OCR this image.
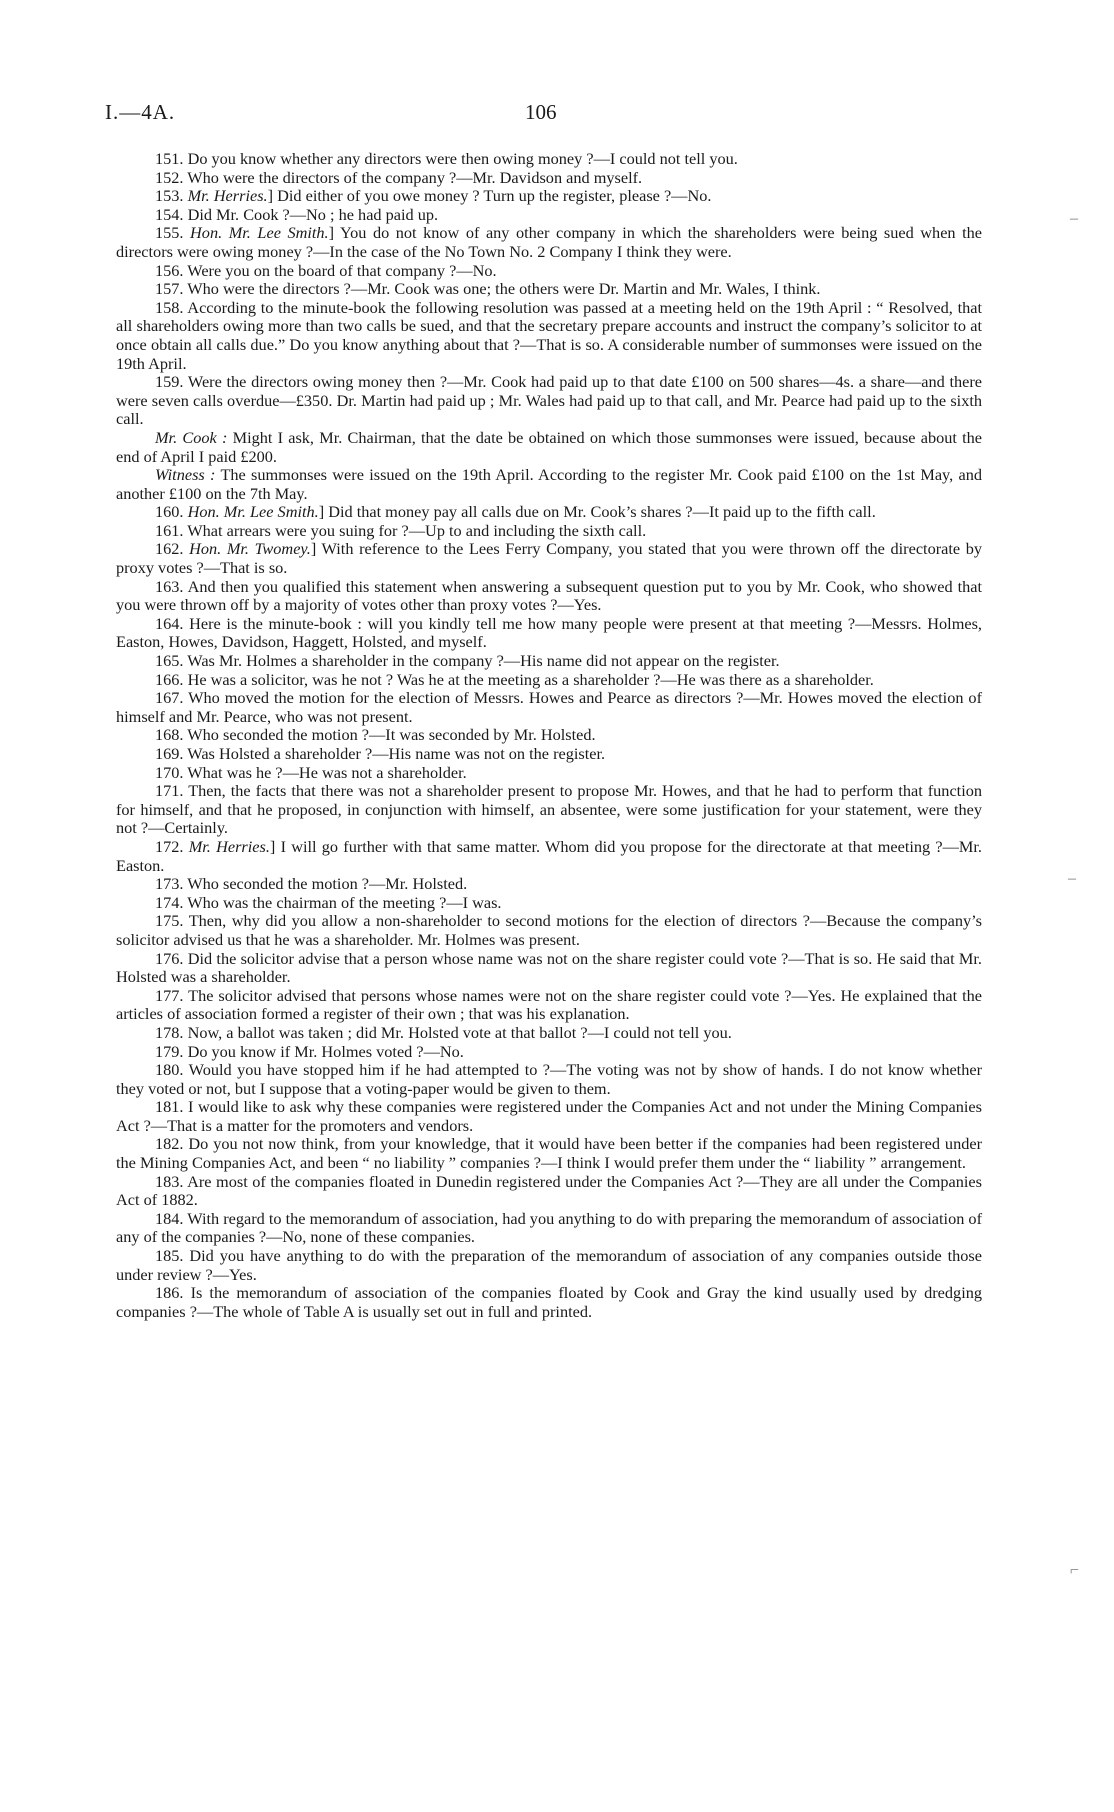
I.—4A.	106

151. Do you know whether any directors were then owing money ?—I could not tell you.

152. Who were the directors of the company ?—Mr. Davidson and myself.

153. Mr. Herries.] Did either of you owe money ? Turn up the register, please ?—No.

154. Did Mr. Cook ?—No ; he had paid up.

155. Hon. Mr. Lee Smith.] You do not know of any other company in which the shareholders were being sued when the directors were owing money ?—In the case of the No Town No. 2 Company I think they were.

156. Were you on the board of that company ?—No.

157. Who were the directors ?—Mr. Cook was one; the others were Dr. Martin and Mr. Wales, I think.

158. According to the minute-book the following resolution was passed at a meeting held on the 19th April : “ Resolved, that all shareholders owing more than two calls be sued, and that the secretary prepare accounts and instruct the company’s solicitor to at once obtain all calls due.” Do you know anything about that ?—That is so. A considerable number of summonses were issued on the 19th April.

159. Were the directors owing money then ?—Mr. Cook had paid up to that date £100 on 500 shares—4s. a share—and there were seven calls overdue—£350. Dr. Martin had paid up ; Mr. Wales had paid up to that call, and Mr. Pearce had paid up to the sixth call.

Mr. Cook : Might I ask, Mr. Chairman, that the date be obtained on which those summonses were issued, because about the end of April I paid £200.

Witness : The summonses were issued on the 19th April. According to the register Mr. Cook paid £100 on the 1st May, and another £100 on the 7th May.

160. Hon. Mr. Lee Smith.] Did that money pay all calls due on Mr. Cook’s shares ?—It paid up to the fifth call.

161. What arrears were you suing for ?—Up to and including the sixth call.

162. Hon. Mr. Twomey.] With reference to the Lees Ferry Company, you stated that you were thrown off the directorate by proxy votes ?—That is so.

163. And then you qualified this statement when answering a subsequent question put to you by Mr. Cook, who showed that you were thrown off by a majority of votes other than proxy votes ?—Yes.

164. Here is the minute-book : will you kindly tell me how many people were present at that meeting ?—Messrs. Holmes, Easton, Howes, Davidson, Haggett, Holsted, and myself.

165. Was Mr. Holmes a shareholder in the company ?—His name did not appear on the register.

166. He was a solicitor, was he not ? Was he at the meeting as a shareholder ?—He was there as a shareholder.

167. Who moved the motion for the election of Messrs. Howes and Pearce as directors ?—Mr. Howes moved the election of himself and Mr. Pearce, who was not present.

168. Who seconded the motion ?—It was seconded by Mr. Holsted.

169. Was Holsted a shareholder ?—His name was not on the register.

170. What was he ?—He was not a shareholder.

171. Then, the facts that there was not a shareholder present to propose Mr. Howes, and that he had to perform that function for himself, and that he proposed, in conjunction with himself, an absentee, were some justification for your statement, were they not ?—Certainly.

172. Mr. Herries.] I will go further with that same matter. Whom did you propose for the directorate at that meeting ?—Mr. Easton.

173. Who seconded the motion ?—Mr. Holsted.

174. Who was the chairman of the meeting ?—I was.

175. Then, why did you allow a non-shareholder to second motions for the election of directors ?—Because the company’s solicitor advised us that he was a shareholder. Mr. Holmes was present.

176. Did the solicitor advise that a person whose name was not on the share register could vote ?—That is so. He said that Mr. Holsted was a shareholder.

177. The solicitor advised that persons whose names were not on the share register could vote ?—Yes. He explained that the articles of association formed a register of their own ; that was his explanation.

178. Now, a ballot was taken ; did Mr. Holsted vote at that ballot ?—I could not tell you.

179. Do you know if Mr. Holmes voted ?—No.

180. Would you have stopped him if he had attempted to ?—The voting was not by show of hands. I do not know whether they voted or not, but I suppose that a voting-paper would be given to them.

181. I would like to ask why these companies were registered under the Companies Act and not under the Mining Companies Act ?—That is a matter for the promoters and vendors.

182. Do you not now think, from your knowledge, that it would have been better if the companies had been registered under the Mining Companies Act, and been “ no liability ” companies ?—I think I would prefer them under the “ liability ” arrangement.

183. Are most of the companies floated in Dunedin registered under the Companies Act ?—They are all under the Companies Act of 1882.

184. With regard to the memorandum of association, had you anything to do with preparing the memorandum of association of any of the companies ?—No, none of these companies.

185. Did you have anything to do with the preparation of the memorandum of association of any companies outside those under review ?—Yes.

186. Is the memorandum of association of the companies floated by Cook and Gray the kind usually used by dredging companies ?—The whole of Table A is usually set out in full and printed.

–
–
⌐
